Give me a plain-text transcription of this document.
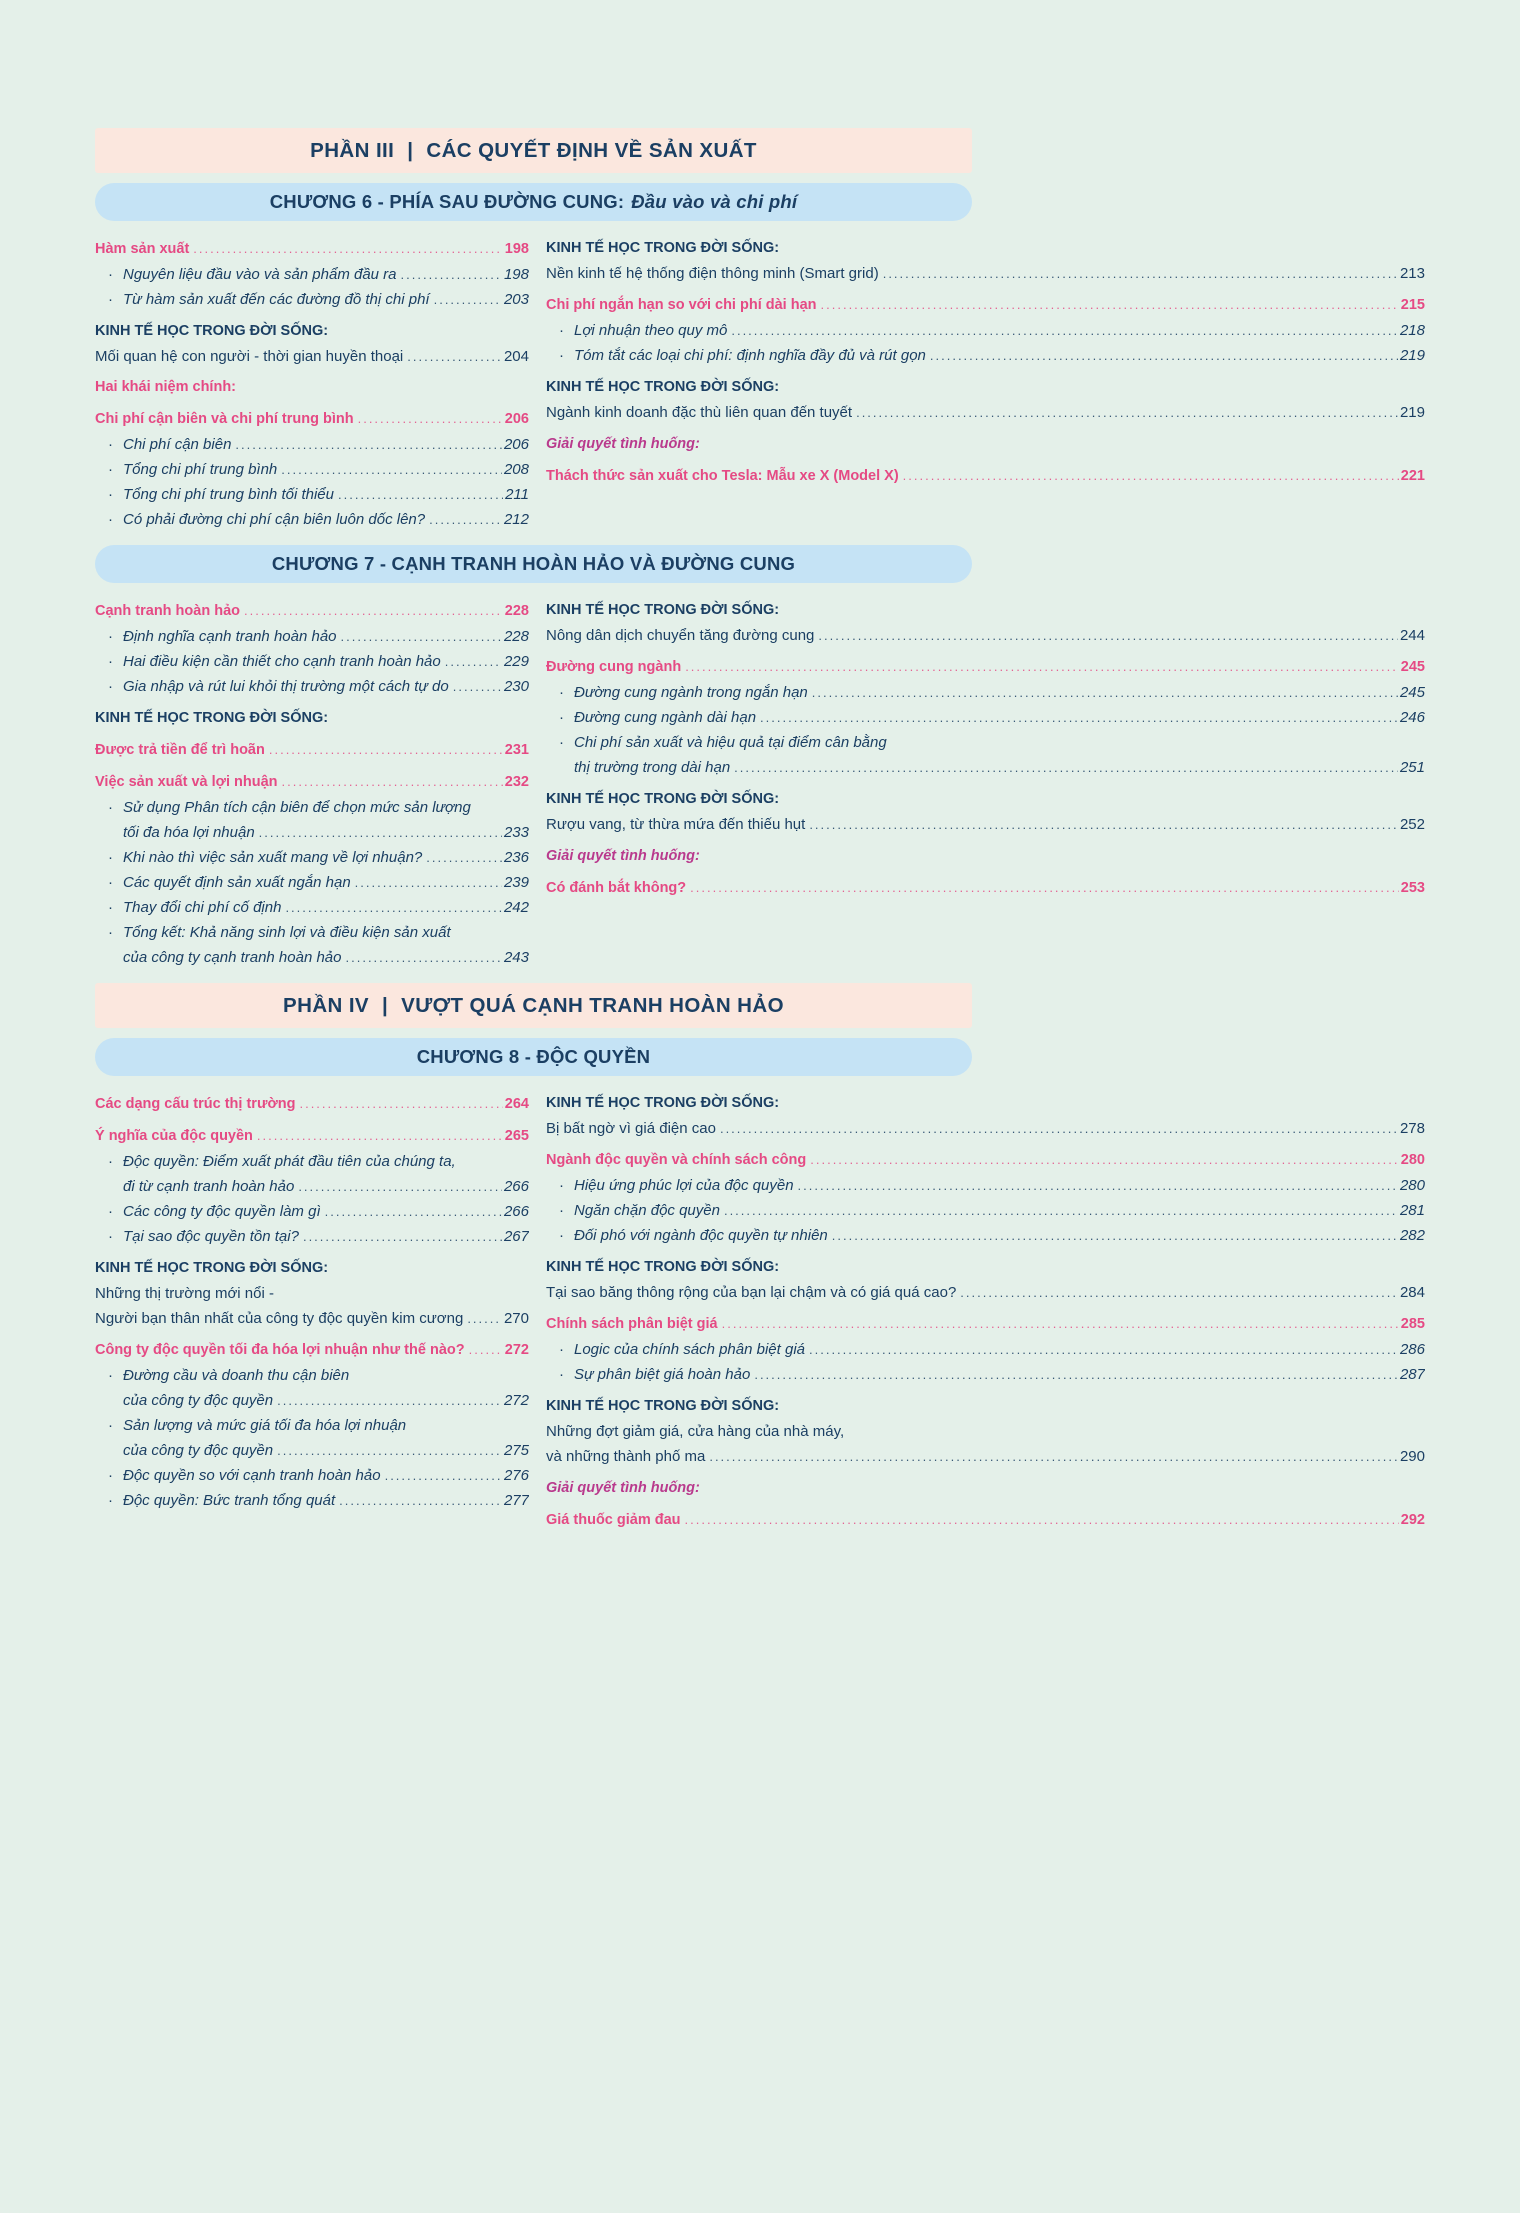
PHẦN III | CÁC QUYẾT ĐỊNH VỀ SẢN XUẤT
CHƯƠNG 6 - PHÍA SAU ĐƯỜNG CUNG: Đầu vào và chi phí
Hàm sản xuất .....	198
· Nguyên liệu đầu vào và sản phẩm đầu ra .....	198
· Từ hàm sản xuất đến các đường đồ thị chi phí .....	203
KINH TẾ HỌC TRONG ĐỜI SỐNG:
Mối quan hệ con người - thời gian huyền thoại .....	204
Hai khái niệm chính:
Chi phí cận biên và chi phí trung bình .....	206
· Chi phí cận biên .....	206
· Tổng chi phí trung bình .....	208
· Tổng chi phí trung bình tối thiểu .....	211
· Có phải đường chi phí cận biên luôn dốc lên? .....	212
KINH TẾ HỌC TRONG ĐỜI SỐNG:
Nền kinh tế hệ thống điện thông minh (Smart grid) .....	213
Chi phí ngắn hạn so với chi phí dài hạn .....	215
· Lợi nhuận theo quy mô .....	218
· Tóm tắt các loại chi phí: định nghĩa đầy đủ và rút gọn .....	219
KINH TẾ HỌC TRONG ĐỜI SỐNG:
Ngành kinh doanh đặc thù liên quan đến tuyết .....	219
Giải quyết tình huống:
Thách thức sản xuất cho Tesla: Mẫu xe X (Model X) .....	221
CHƯƠNG 7 - CẠNH TRANH HOÀN HẢO VÀ ĐƯỜNG CUNG
Cạnh tranh hoàn hảo .....	228
· Định nghĩa cạnh tranh hoàn hảo .....	228
· Hai điều kiện cần thiết cho cạnh tranh hoàn hảo .....	229
· Gia nhập và rút lui khỏi thị trường một cách tự do .....	230
KINH TẾ HỌC TRONG ĐỜI SỐNG:
Được trả tiền để trì hoãn .....	231
Việc sản xuất và lợi nhuận .....	232
· Sử dụng Phân tích cận biên để chọn mức sản lượng
tối đa hóa lợi nhuận .....	233
· Khi nào thì việc sản xuất mang về lợi nhuận? .....	236
· Các quyết định sản xuất ngắn hạn .....	239
· Thay đổi chi phí cố định .....	242
· Tổng kết: Khả năng sinh lợi và điều kiện sản xuất
của công ty cạnh tranh hoàn hảo .....	243
KINH TẾ HỌC TRONG ĐỜI SỐNG:
Nông dân dịch chuyển tăng đường cung .....	244
Đường cung ngành .....	245
· Đường cung ngành trong ngắn hạn .....	245
· Đường cung ngành dài hạn .....	246
· Chi phí sản xuất và hiệu quả tại điểm cân bằng
thị trường trong dài hạn .....	251
KINH TẾ HỌC TRONG ĐỜI SỐNG:
Rượu vang, từ thừa mứa đến thiếu hụt .....	252
Giải quyết tình huống:
Có đánh bắt không? .....	253
PHẦN IV | VƯỢT QUÁ CẠNH TRANH HOÀN HẢO
CHƯƠNG 8 - ĐỘC QUYỀN
Các dạng cấu trúc thị trường .....	264
Ý nghĩa của độc quyền .....	265
· Độc quyền: Điểm xuất phát đầu tiên của chúng ta,
đi từ cạnh tranh hoàn hảo .....	266
· Các công ty độc quyền làm gì .....	266
· Tại sao độc quyền tồn tại? .....	267
KINH TẾ HỌC TRONG ĐỜI SỐNG:
Những thị trường mới nổi -
Người bạn thân nhất của công ty độc quyền kim cương .....	270
Công ty độc quyền tối đa hóa lợi nhuận như thế nào? .....	272
· Đường cầu và doanh thu cận biên
của công ty độc quyền .....	272
· Sản lượng và mức giá tối đa hóa lợi nhuận
của công ty độc quyền .....	275
· Độc quyền so với cạnh tranh hoàn hảo .....	276
· Độc quyền: Bức tranh tổng quát .....	277
KINH TẾ HỌC TRONG ĐỜI SỐNG:
Bị bất ngờ vì giá điện cao .....	278
Ngành độc quyền và chính sách công .....	280
· Hiệu ứng phúc lợi của độc quyền .....	280
· Ngăn chặn độc quyền .....	281
· Đối phó với ngành độc quyền tự nhiên .....	282
KINH TẾ HỌC TRONG ĐỜI SỐNG:
Tại sao băng thông rộng của bạn lại chậm và có giá quá cao? .....	284
Chính sách phân biệt giá .....	285
· Logic của chính sách phân biệt giá .....	286
· Sự phân biệt giá hoàn hảo .....	287
KINH TẾ HỌC TRONG ĐỜI SỐNG:
Những đợt giảm giá, cửa hàng của nhà máy,
và những thành phố ma .....	290
Giải quyết tình huống:
Giá thuốc giảm đau .....	292
